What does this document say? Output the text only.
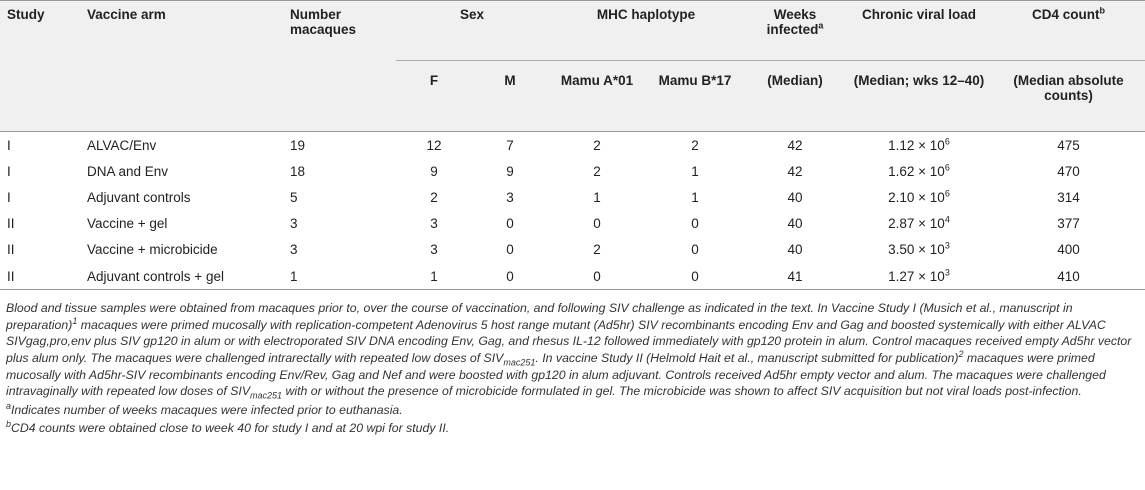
Study	Vaccine arm	Number macaques	Sex		MHC haplotype		Weeks infected$^a$	Chronic viral load	CD4 count$^b$
			F	M	Mamu A*01	Mamu B*17	(Median)	(Median; wks 12–40)	(Median absolute counts)
I	ALVAC/Env	19	12	7	2	2	42	$1.12 \times 10^6$	475
I	DNA and Env	18	9	9	2	1	42	$1.62 \times 10^6$	470
I	Adjuvant controls	5	2	3	1	1	40	$2.10 \times 10^6$	314
II	Vaccine + gel	3	3	0	0	0	40	$2.87 \times 10^4$	377
II	Vaccine + microbicide	3	3	0	2	0	40	$3.50 \times 10^3$	400
II	Adjuvant controls + gel	1	1	0	0	0	41	$1.27 \times 10^3$	410

Blood and tissue samples were obtained from macaques prior to, over the course of vaccination, and following SIV challenge as indicated in the text. In Vaccine Study I (Musich et al., manuscript in preparation)$^1$ macaques were primed mucosally with replication-competent Adenovirus 5 host range mutant (Ad5hr) SIV recombinants encoding Env and Gag and boosted systemically with either ALVAC SIVgag,pro,env plus SIV gp120 in alum or with electroporated SIV DNA encoding Env, Gag, and rhesus IL-12 followed immediately with gp120 protein in alum. Control macaques received empty Ad5hr vector plus alum only. The macaques were challenged intrarectally with repeated low doses of $SIV_{mac251}$. In vaccine Study II (Helmold Hait et al., manuscript submitted for publication)$^2$ macaques were primed mucosally with Ad5hr-SIV recombinants encoding Env/Rev, Gag and Nef and were boosted with gp120 in alum adjuvant. Controls received Ad5hr empty vector and alum. The macaques were challenged intravaginally with repeated low doses of $SIV_{mac251}$ with or without the presence of microbicide formulated in gel. The microbicide was shown to affect SIV acquisition but not viral loads post-infection.

$^a$Indicates number of weeks macaques were infected prior to euthanasia.

$^b$CD4 counts were obtained close to week 40 for study I and at 20 wpi for study II.
